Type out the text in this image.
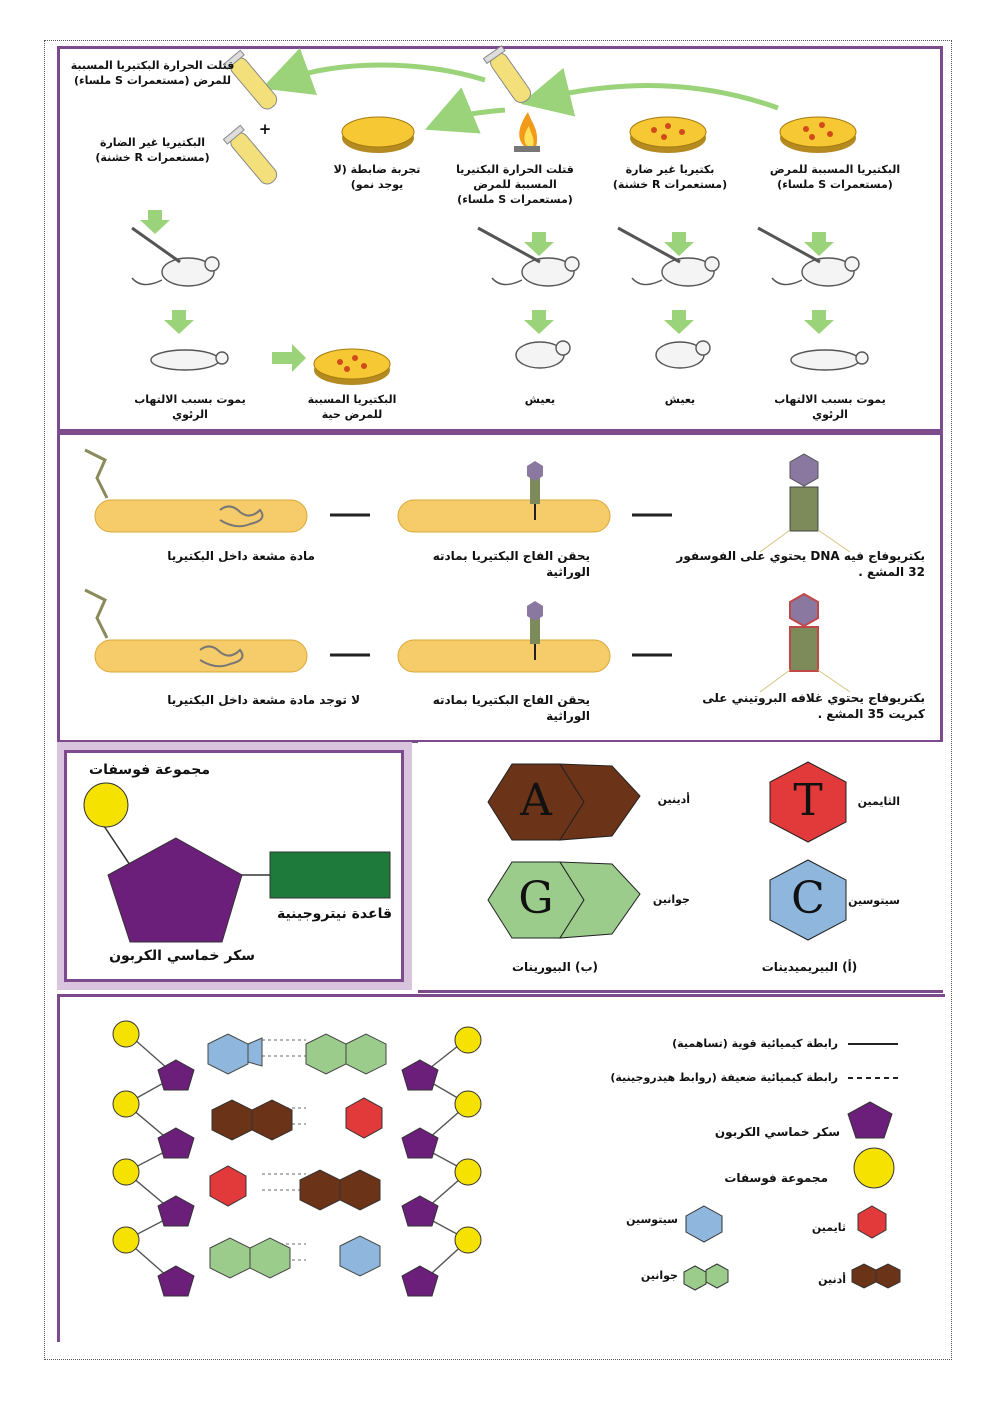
قتلت الحرارة البكتيريا المسببة للمرض (مستعمرات S ملساء)
+
البكتيريا غير الضارة (مستعمرات R خشنة)
تجربة ضابطة (لا يوجد نمو)
قتلت الحرارة البكتيريا المسببة للمرض (مستعمرات S ملساء)
بكتيريا غير ضارة (مستعمرات R خشنة)
البكتيريا المسببة للمرض (مستعمرات S ملساء)
يموت بسبب الالتهاب الرئوي
البكتيريا المسببة للمرض حية
يعيش	يعيش	يموت بسبب الالتهاب الرئوي
بكتريوفاج فيه DNA يحتوي على الفوسفور 32 المشع .
يحقن الفاج البكتيريا بمادته الوراثية
مادة مشعة داخل البكتيريا
بكتريوفاج يحتوي غلافه البروتيني على كبريت 35 المشع .
يحقن الفاج البكتيريا بمادته الوراثية
لا توجد مادة مشعة داخل البكتيريا
مجموعة فوسفات
قاعدة نيتروجينية
سكر خماسي الكربون
A	T
G	C
أدينين	الثايمين
جوانين	سيتوسين
(ب) البيورينات	(أ) البيريميدينات
رابطة كيميائية قوية (تساهمية)
رابطة كيميائية ضعيفة (روابط هيدروجينية)
سكر خماسي الكربون
مجموعة فوسفات
سيتوسين
ثايمين
جوانين	أدنين
